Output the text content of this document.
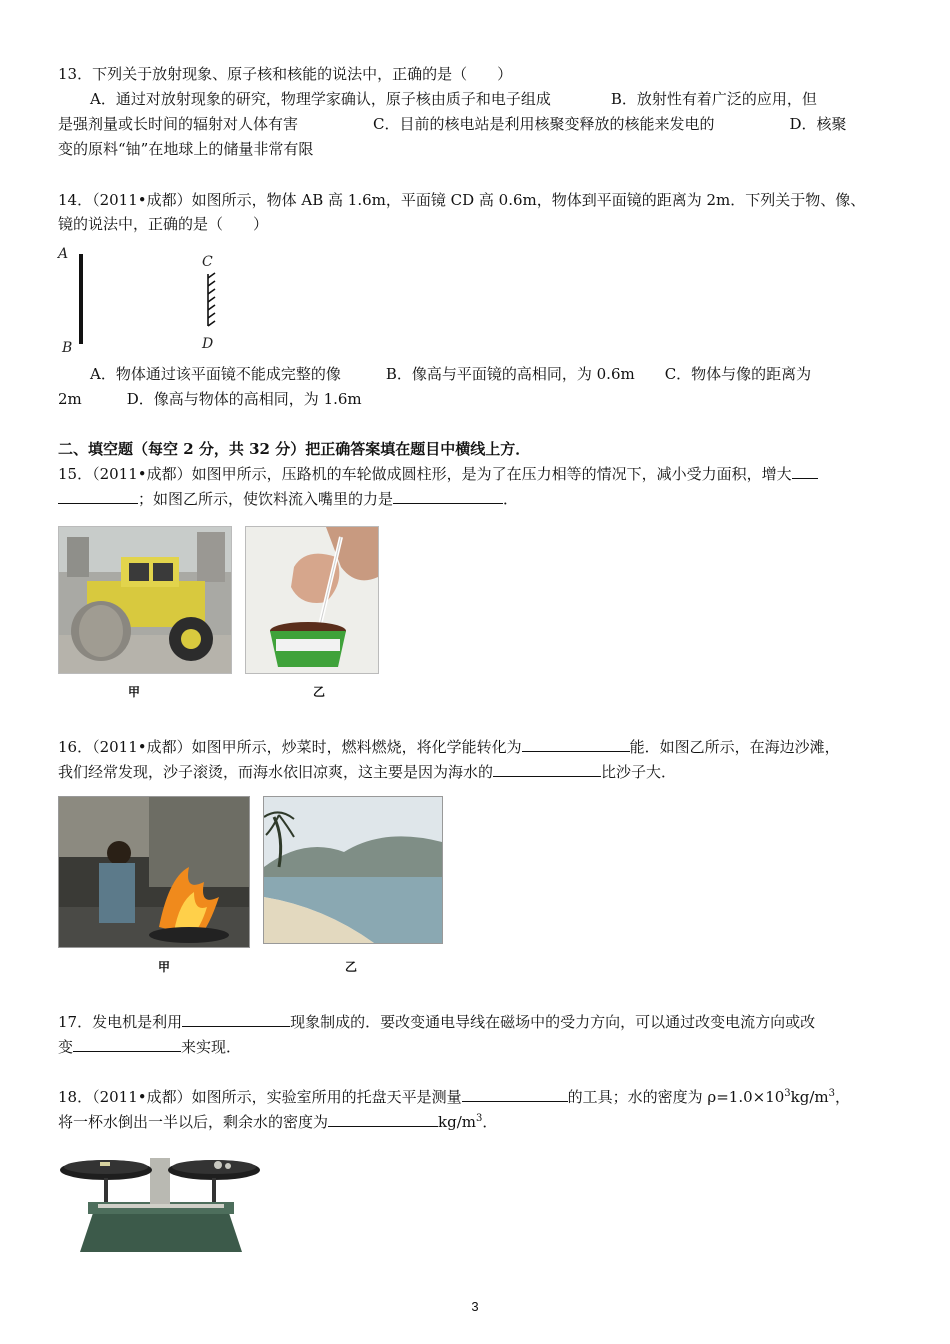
13．下列关于放射现象、原子核和核能的说法中，正确的是（　　）
A．通过对放射现象的研究，物理学家确认，原子核由质子和电子组成　　　　B．放射性有着广泛的应用，但
是强剂量或长时间的辐射对人体有害　　　　　C．目前的核电站是利用核聚变释放的核能来发电的　　　　　D．核聚
变的原料“铀”在地球上的储量非常有限
14．（2011•成都）如图所示，物体 AB 高 1.6m，平面镜 CD 高 0.6m，物体到平面镜的距离为 2m．下列关于物、像、
镜的说法中，正确的是（　　）
A
B
C
D
A．物体通过该平面镜不能成完整的像　　　B．像高与平面镜的高相同，为 0.6m　　C．物体与像的距离为
2m　　　D．像高与物体的高相同，为 1.6m
二、填空题（每空 2 分，共 32 分）把正确答案填在题目中横线上方．
15．（2011•成都）如图甲所示，压路机的车轮做成圆柱形，是为了在压力相等的情况下，减小受力面积，增大
；如图乙所示，使饮料流入嘴里的力是	．
甲	乙
16．（2011•成都）如图甲所示，炒菜时，燃料燃烧，将化学能转化为	能．如图乙所示，在海边沙滩，
我们经常发现，沙子滚烫，而海水依旧凉爽，这主要是因为海水的	比沙子大．
甲	乙
17．发电机是利用	现象制成的．要改变通电导线在磁场中的受力方向，可以通过改变电流方向或改
变	来实现．
18．（2011•成都）如图所示，实验室所用的托盘天平是测量	的工具；水的密度为 $\rho=1.0\times 10^3kg/m^3$，
将一杯水倒出一半以后，剩余水的密度为	$kg/m^3$．
3
